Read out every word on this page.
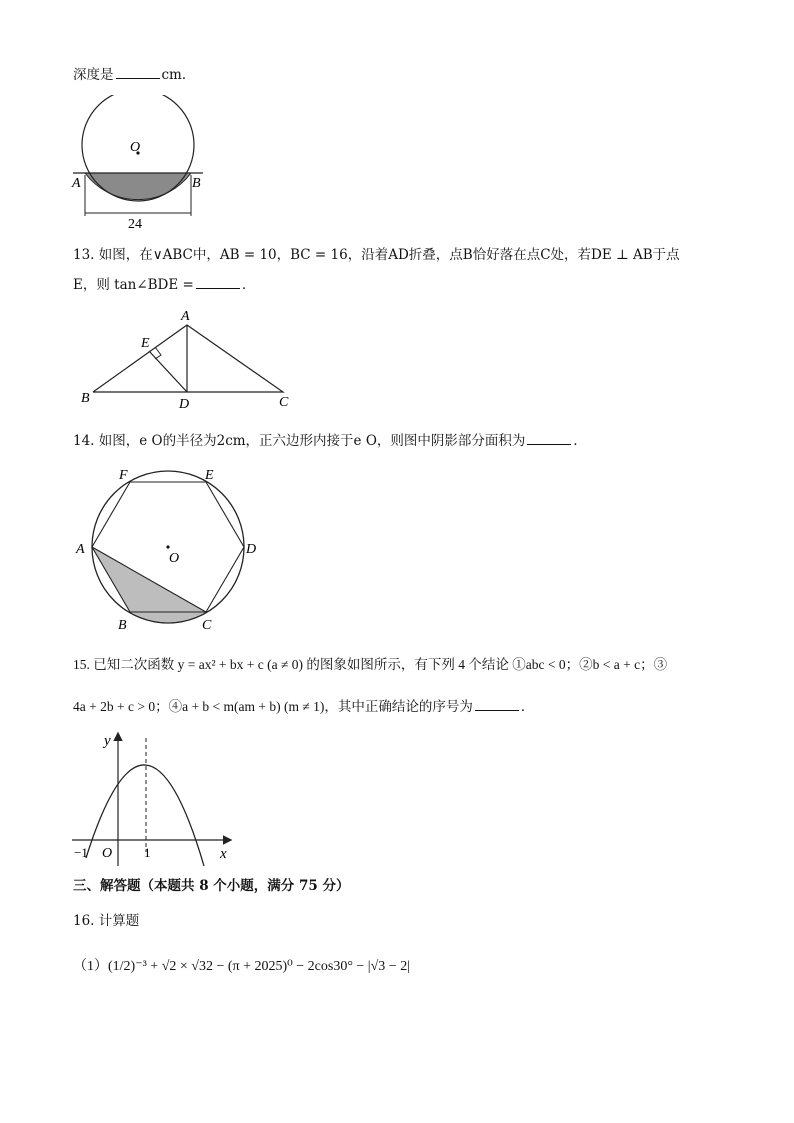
深度是	cm．
O
A	B
24
13. 如图，在∨ABC中，AB = 10，BC = 16，沿着AD折叠，点B恰好落在点C处，若DE ⊥ AB于点
E，则 tan∠BDE =	．
A
E
B	D	C
14. 如图，e O的半径为2cm，正六边形内接于e O，则图中阴影部分面积为	．
F	E
A	D
O
B	C
15. 已知二次函数 y = ax² + bx + c (a ≠ 0) 的图象如图所示，有下列 4 个结论 ①abc < 0；②b < a + c；③
4a + 2b + c > 0；④a + b < m(am + b) (m ≠ 1)，其中正确结论的序号为	．
y
x
−1 O 1
三、解答题（本题共 8 个小题，满分 75 分）
16. 计算题
（1）(1/2)⁻³ + √2 × √32 − (π + 2025)⁰ − 2cos30° − |√3 − 2|
